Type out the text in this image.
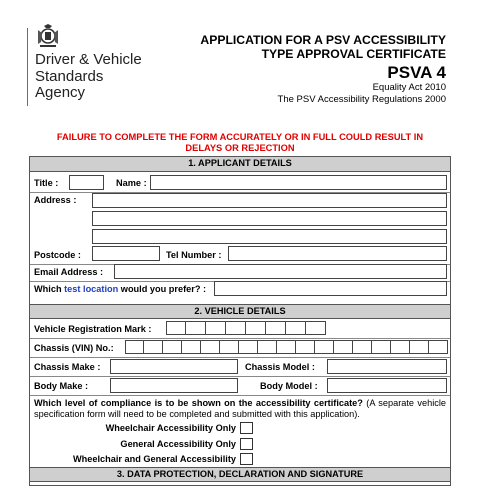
Driver & Vehicle
Standards
Agency
APPLICATION FOR A PSV ACCESSIBILITY
TYPE APPROVAL CERTIFICATE
PSVA 4
Equality Act 2010
The PSV Accessibility Regulations 2000
FAILURE TO COMPLETE THE FORM ACCURATELY OR IN FULL COULD RESULT IN
DELAYS OR REJECTION
1. APPLICANT DETAILS
Title :	Name :
Address :
Postcode :	Tel Number :
Email Address :
Which test location would you prefer? :
2. VEHICLE DETAILS
Vehicle Registration Mark :
Chassis (VIN) No.:
Chassis Make :	Chassis Model :
Body Make :	Body Model :
Which level of compliance is to be shown on the accessibility certificate? (A separate vehicle specification form will need to be completed and submitted with this application).
Wheelchair Accessibility Only
General Accessibility Only
Wheelchair and General Accessibility
3. DATA PROTECTION, DECLARATION AND SIGNATURE
